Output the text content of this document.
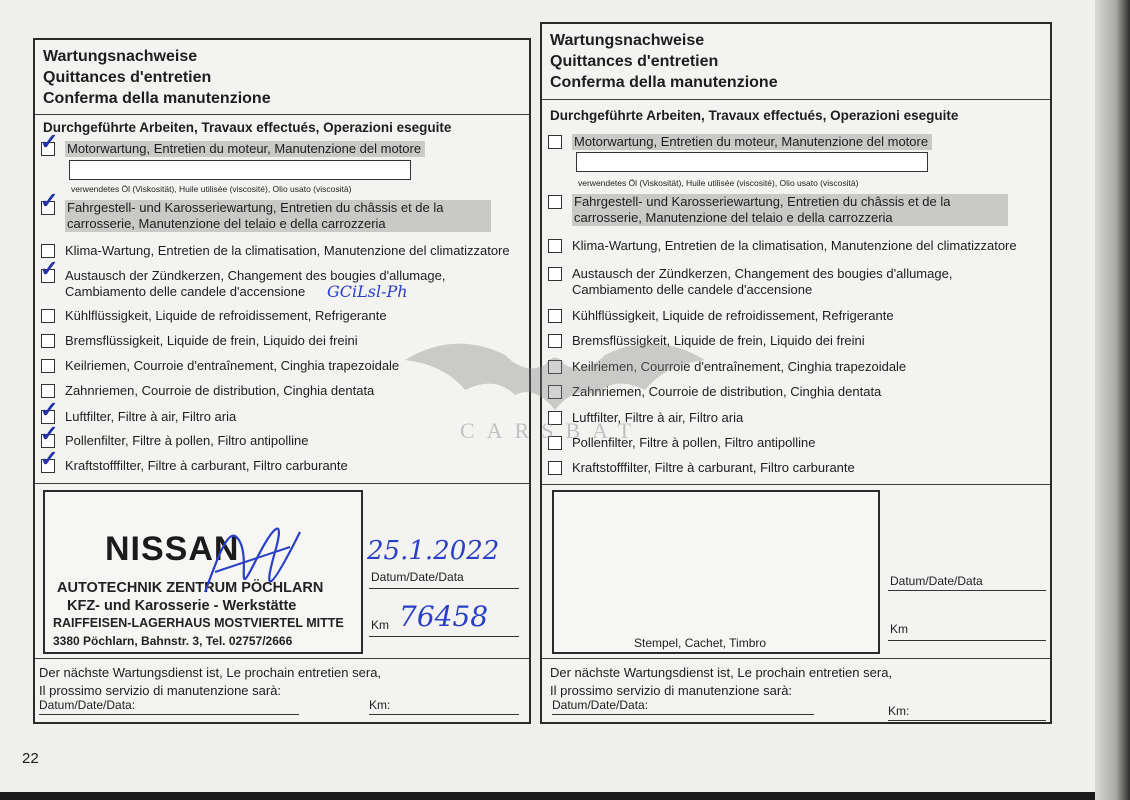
Wartungsnachweise
Quittances d'entretien
Conferma della manutenzione
Durchgeführte Arbeiten, Travaux effectués, Operazioni eseguite
✓
Motorwartung, Entretien du moteur, Manutenzione del motore
verwendetes Öl (Viskosität), Huile utilisée (viscosité), Olio usato (viscosità)
✓
Fahrgestell- und Karosseriewartung, Entretien du châssis et de la carrosserie, Manutenzione del telaio e della carrozzeria
Klima-Wartung, Entretien de la climatisation, Manutenzione del climatizzatore
✓
Austausch der Zündkerzen, Changement des bougies d'allumage, Cambiamento delle candele d'accensione	GCiLsl-Ph
Kühlflüssigkeit, Liquide de refroidissement, Refrigerante
Bremsflüssigkeit, Liquide de frein, Liquido dei freini
Keilriemen, Courroie d'entraînement, Cinghia trapezoidale
Zahnriemen, Courroie de distribution, Cinghia dentata
✓
Luftfilter, Filtre à air, Filtro aria
✓
Pollenfilter, Filtre à pollen, Filtro antipolline
✓
Kraftstofffilter, Filtre à carburant, Filtro carburante
NISSAN
AUTOTECHNIK ZENTRUM PÖCHLARN
KFZ- und Karosserie - Werkstätte
RAIFFEISEN-LAGERHAUS MOSTVIERTEL MITTE
3380 Pöchlarn, Bahnstr. 3, Tel. 02757/2666
25.1.2022
Datum/Date/Data
Km 76458
Der nächste Wartungsdienst ist, Le prochain entretien sera,
Il prossimo servizio di manutenzione sarà:
Datum/Date/Data:	Km:
Wartungsnachweise
Quittances d'entretien
Conferma della manutenzione
Durchgeführte Arbeiten, Travaux effectués, Operazioni eseguite
Motorwartung, Entretien du moteur, Manutenzione del motore
verwendetes Öl (Viskosität), Huile utilisée (viscosité), Olio usato (viscosità)
Fahrgestell- und Karosseriewartung, Entretien du châssis et de la carrosserie, Manutenzione del telaio e della carrozzeria
Klima-Wartung, Entretien de la climatisation, Manutenzione del climatizzatore
Austausch der Zündkerzen, Changement des bougies d'allumage, Cambiamento delle candele d'accensione
Kühlflüssigkeit, Liquide de refroidissement, Refrigerante
Bremsflüssigkeit, Liquide de frein, Liquido dei freini
Keilriemen, Courroie d'entraînement, Cinghia trapezoidale
Zahnriemen, Courroie de distribution, Cinghia dentata
Luftfilter, Filtre à air, Filtro aria
Pollenfilter, Filtre à pollen, Filtro antipolline
Kraftstofffilter, Filtre à carburant, Filtro carburante
Stempel, Cachet, Timbro
Datum/Date/Data
Km
Der nächste Wartungsdienst ist, Le prochain entretien sera,
Il prossimo servizio di manutenzione sarà:
Datum/Date/Data:	Km:
CARSBAT
22
